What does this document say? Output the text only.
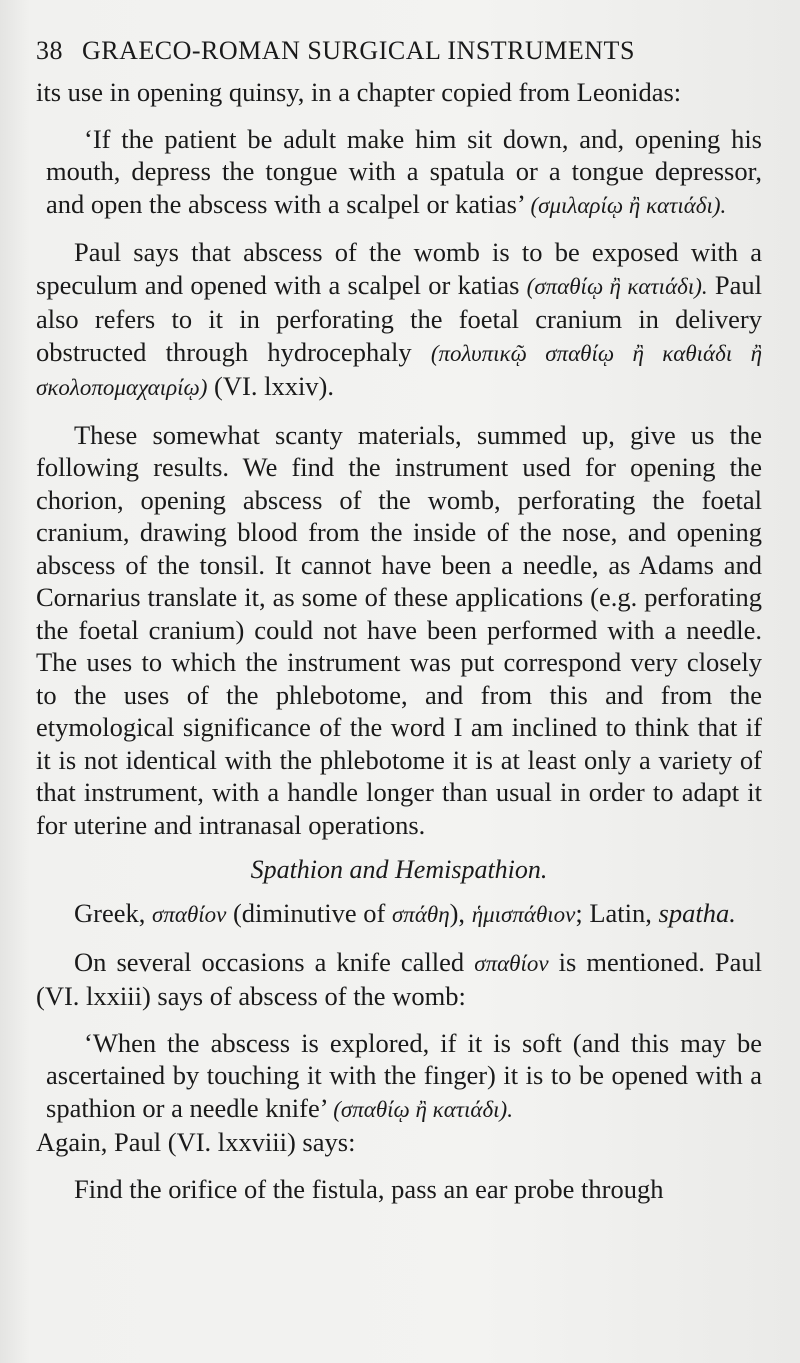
38 GRAECO-ROMAN SURGICAL INSTRUMENTS

its use in opening quinsy, in a chapter copied from Leonidas:

‘If the patient be adult make him sit down, and, opening his mouth, depress the tongue with a spatula or a tongue depressor, and open the abscess with a scalpel or katias’ (σμιλαρίῳ ἢ κατιάδι).

Paul says that abscess of the womb is to be exposed with a speculum and opened with a scalpel or katias (σπαθίῳ ἢ κατιάδι). Paul also refers to it in perforating the foetal cranium in delivery obstructed through hydrocephaly (πολυπικῷ σπαθίῳ ἢ καθιάδι ἢ σκολοπομαχαιρίῳ) (VI. lxxiv).

These somewhat scanty materials, summed up, give us the following results. We find the instrument used for opening the chorion, opening abscess of the womb, perforating the foetal cranium, drawing blood from the inside of the nose, and opening abscess of the tonsil. It cannot have been a needle, as Adams and Cornarius translate it, as some of these applications (e.g. perforating the foetal cranium) could not have been performed with a needle. The uses to which the instrument was put correspond very closely to the uses of the phlebotome, and from this and from the etymological significance of the word I am inclined to think that if it is not identical with the phlebotome it is at least only a variety of that instrument, with a handle longer than usual in order to adapt it for uterine and intranasal operations.

Spathion and Hemispathion.

Greek, σπαθίον (diminutive of σπάθη), ἡμισπάθιον; Latin, spatha.

On several occasions a knife called σπαθίον is mentioned. Paul (VI. lxxiii) says of abscess of the womb:

‘When the abscess is explored, if it is soft (and this may be ascertained by touching it with the finger) it is to be opened with a spathion or a needle knife’ (σπαθίῳ ἢ κατιάδι).

Again, Paul (VI. lxxviii) says:

Find the orifice of the fistula, pass an ear probe through
